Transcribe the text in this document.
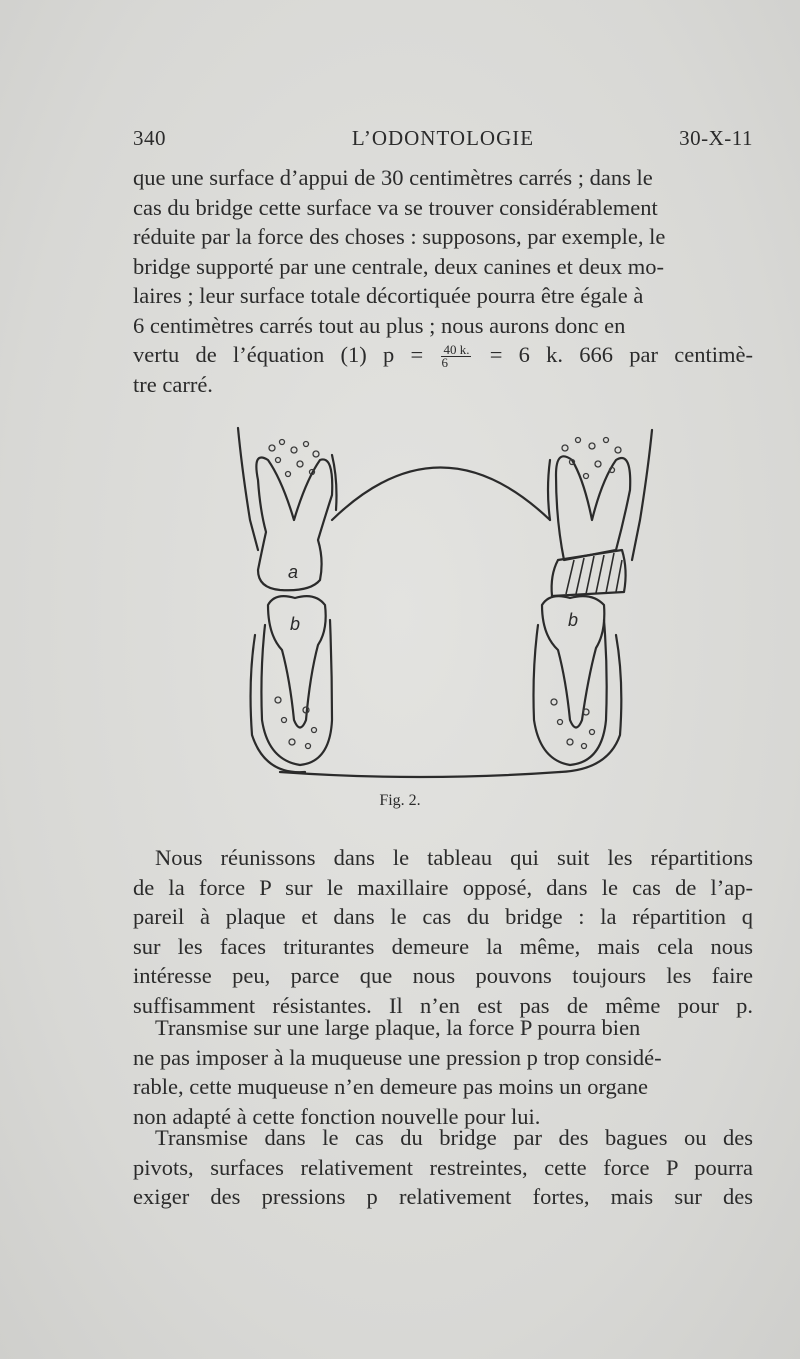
340	L’ODONTOLOGIE	30-X-11
que une surface d’appui de 30 centimètres carrés ; dans le
cas du bridge cette surface va se trouver considérablement
réduite par la force des choses : supposons, par exemple, le
bridge supporté par une centrale, deux canines et deux mo-
laires ; leur surface totale décortiquée pourra être égale à
6 centimètres carrés tout au plus ; nous aurons donc en
vertu de l’équation (1) $p = \frac{40 k.}{6} = 6$ k. 666 par centimè-
tre carré.
a
b	b
Fig. 2.
Nous réunissons dans le tableau qui suit les répartitions
de la force P sur le maxillaire opposé, dans le cas de l’ap-
pareil à plaque et dans le cas du bridge : la répartition q
sur les faces triturantes demeure la même, mais cela nous
intéresse peu, parce que nous pouvons toujours les faire
suffisamment résistantes. Il n’en est pas de même pour p.
Transmise sur une large plaque, la force P pourra bien
ne pas imposer à la muqueuse une pression p trop considé-
rable, cette muqueuse n’en demeure pas moins un organe
non adapté à cette fonction nouvelle pour lui.
Transmise dans le cas du bridge par des bagues ou des
pivots, surfaces relativement restreintes, cette force P pourra
exiger des pressions p relativement fortes, mais sur des
